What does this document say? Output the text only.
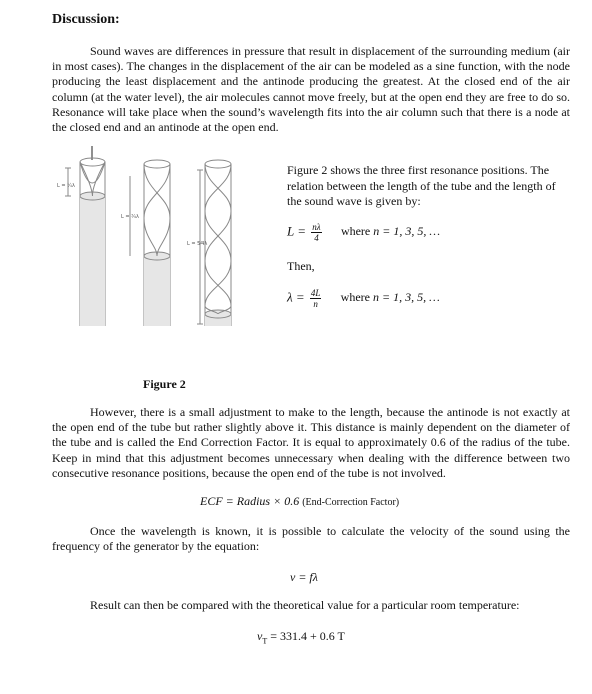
Discussion:
Sound waves are differences in pressure that result in displacement of the surrounding medium (air in most cases). The changes in the displacement of the air can be modeled as a sine function, with the node producing the least displacement and the antinode producing the greatest. At the closed end of the air column (at the water level), the air molecules cannot move freely, but at the open end they are free to do so. Resonance will take place when the sound’s wavelength fits into the air column such that there is a node at the closed end and an antinode at the open end.
L = ¼λ
L = ¾λ
L = 5⁄4λ
Figure 2
Figure 2 shows the three first resonance positions. The relation between the length of the tube and the length of the sound wave is given by:
$L = \frac{n\lambda}{4}$ where n = 1, 3, 5, …
Then,
$\lambda = \frac{4L}{n}$ where n = 1, 3, 5, …
However, there is a small adjustment to make to the length, because the antinode is not exactly at the open end of the tube but rather slightly above it. This distance is mainly dependent on the diameter of the tube and is called the End Correction Factor. It is equal to approximately 0.6 of the radius of the tube. Keep in mind that this adjustment becomes unnecessary when dealing with the difference between two consecutive resonance positions, because the open end of the tube is not involved.
ECF = Radius × 0.6 (End-Correction Factor)
Once the wavelength is known, it is possible to calculate the velocity of the sound using the frequency of the generator by the equation:
v = fλ
Result can then be compared with the theoretical value for a particular room temperature:
$v_T = 331.4 + 0.6$ T
